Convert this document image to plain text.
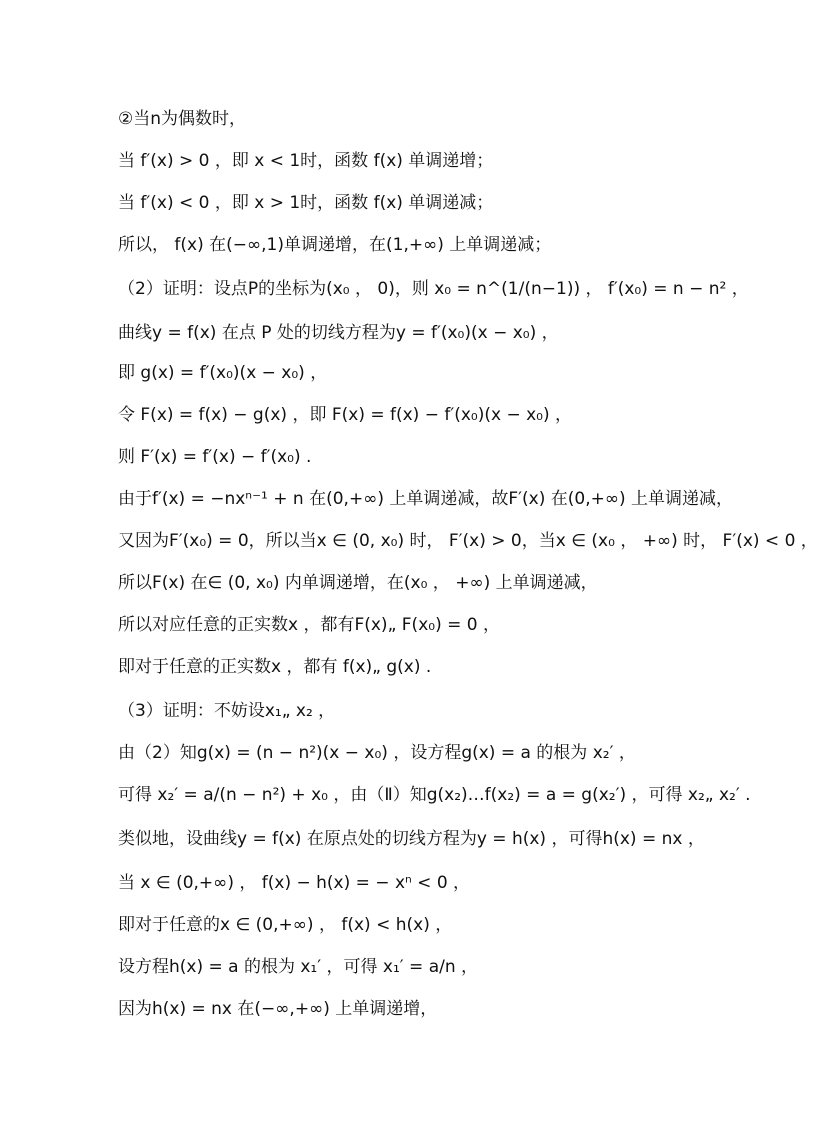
②当n为偶数时，
当 f′(x) > 0 ，即 x < 1时，函数 f(x) 单调递增；
当 f′(x) < 0 ，即 x > 1时，函数 f(x) 单调递减；
所以， f(x) 在(−∞,1)单调递增，在(1,+∞) 上单调递减；
（2）证明：设点P的坐标为(x₀ ， 0)，则 x₀ = n^(1/(n−1)) ， f′(x₀) = n − n² ，
曲线y = f(x) 在点 P 处的切线方程为y = f′(x₀)(x − x₀) ，
即 g(x) = f′(x₀)(x − x₀) ，
令 F(x) = f(x) − g(x) ，即 F(x) = f(x) − f′(x₀)(x − x₀) ，
则 F′(x) = f′(x) − f′(x₀) .
由于f′(x) = −nxⁿ⁻¹ + n 在(0,+∞) 上单调递减，故F′(x) 在(0,+∞) 上单调递减，
又因为F′(x₀) = 0，所以当x ∈ (0, x₀) 时， F′(x) > 0，当x ∈ (x₀ ， +∞) 时， F′(x) < 0 ，
所以F(x) 在∈ (0, x₀) 内单调递增，在(x₀ ， +∞) 上单调递减，
所以对应任意的正实数x ，都有F(x)„ F(x₀) = 0 ，
即对于任意的正实数x ，都有 f(x)„ g(x) .
（3）证明：不妨设x₁„ x₂ ，
由（2）知g(x) = (n − n²)(x − x₀) ，设方程g(x) = a 的根为 x₂′ ，
可得 x₂′ = a/(n − n²) + x₀ ，由（Ⅱ）知g(x₂)…f(x₂) = a = g(x₂′) ，可得 x₂„ x₂′ .
类似地，设曲线y = f(x) 在原点处的切线方程为y = h(x) ，可得h(x) = nx ，
当 x ∈ (0,+∞) ， f(x) − h(x) = − xⁿ < 0 ，
即对于任意的x ∈ (0,+∞) ， f(x) < h(x) ，
设方程h(x) = a 的根为 x₁′ ，可得 x₁′ = a/n ，
因为h(x) = nx 在(−∞,+∞) 上单调递增，
